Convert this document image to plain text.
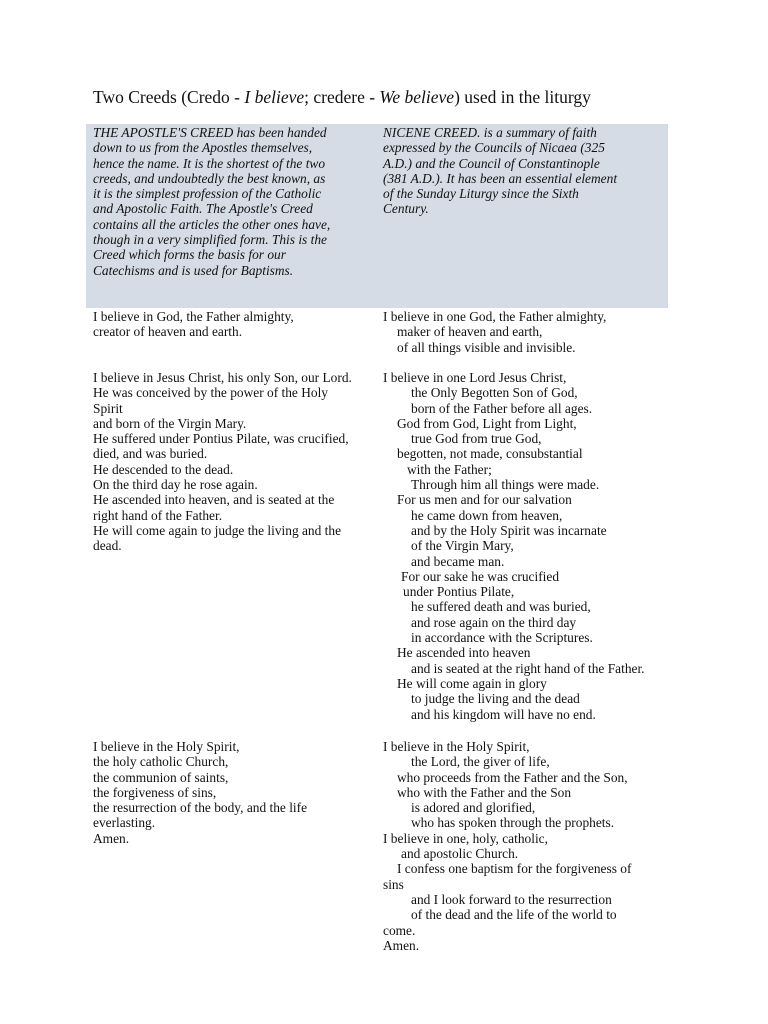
Two Creeds (Credo - I believe; credere - We believe) used in the liturgy
THE APOSTLE'S CREED has been handed
down to us from the Apostles themselves,
hence the name. It is the shortest of the two
creeds, and undoubtedly the best known, as
it is the simplest profession of the Catholic
and Apostolic Faith. The Apostle's Creed
contains all the articles the other ones have,
though in a very simplified form. This is the
Creed which forms the basis for our
Catechisms and is used for Baptisms.
NICENE CREED. is a summary of faith
expressed by the Councils of Nicaea (325
A.D.) and the Council of Constantinople
(381 A.D.). It has been an essential element
of the Sunday Liturgy since the Sixth
Century.
I believe in God, the Father almighty,
creator of heaven and earth.
I believe in one God, the Father almighty,
maker of heaven and earth,
of all things visible and invisible.
I believe in Jesus Christ, his only Son, our Lord.
He was conceived by the power of the Holy
Spirit
and born of the Virgin Mary.
He suffered under Pontius Pilate, was crucified,
died, and was buried.
He descended to the dead.
On the third day he rose again.
He ascended into heaven, and is seated at the
right hand of the Father.
He will come again to judge the living and the
dead.
I believe in one Lord Jesus Christ,
the Only Begotten Son of God,
born of the Father before all ages.
God from God, Light from Light,
true God from true God,
begotten, not made, consubstantial
with the Father;
Through him all things were made.
For us men and for our salvation
he came down from heaven,
and by the Holy Spirit was incarnate
of the Virgin Mary,
and became man.
For our sake he was crucified
under Pontius Pilate,
he suffered death and was buried,
and rose again on the third day
in accordance with the Scriptures.
He ascended into heaven
and is seated at the right hand of the Father.
He will come again in glory
to judge the living and the dead
and his kingdom will have no end.
I believe in the Holy Spirit,
the holy catholic Church,
the communion of saints,
the forgiveness of sins,
the resurrection of the body, and the life
everlasting.
Amen.
I believe in the Holy Spirit,
the Lord, the giver of life,
who proceeds from the Father and the Son,
who with the Father and the Son
is adored and glorified,
who has spoken through the prophets.
I believe in one, holy, catholic,
and apostolic Church.
I confess one baptism for the forgiveness of
sins
and I look forward to the resurrection
of the dead and the life of the world to
come.
Amen.
